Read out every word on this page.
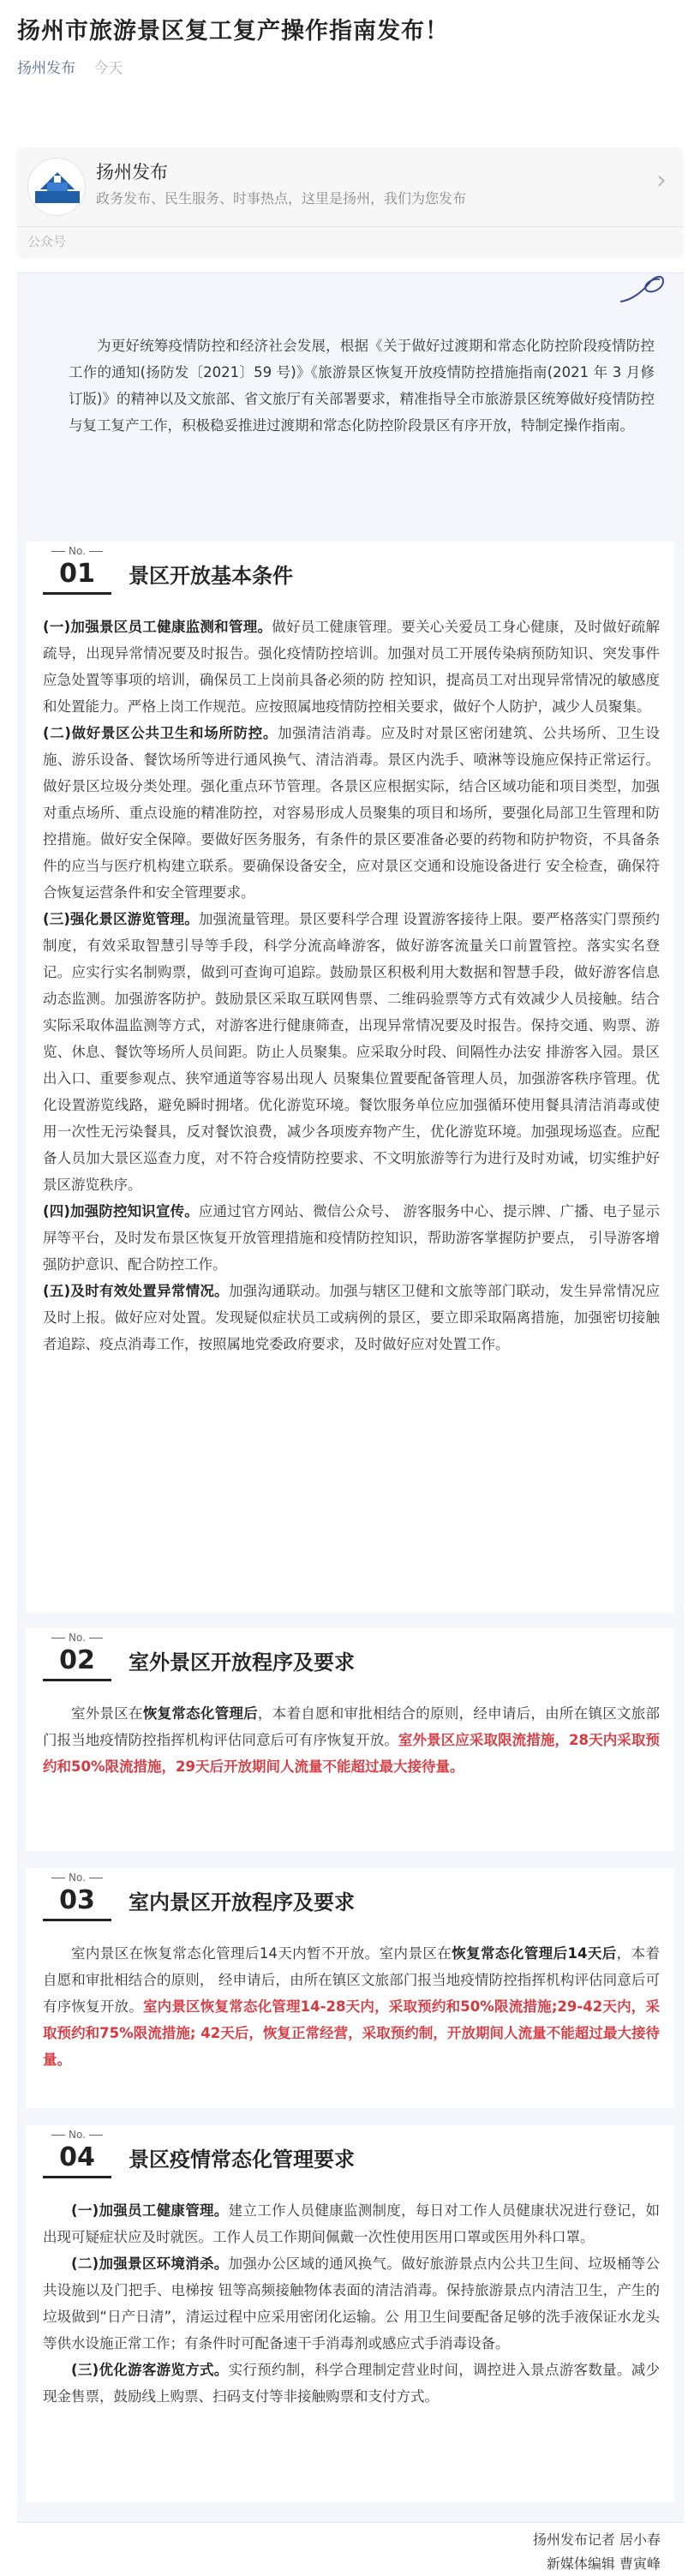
扬州市旅游景区复工复产操作指南发布！
扬州发布 今天
扬州发布
政务发布、民生服务、时事热点，这里是扬州，我们为您发布
›
公众号

为更好统筹疫情防控和经济社会发展，根据《关于做好过渡期和常态化防控阶段疫情防控工作的通知(扬防发〔2021〕59 号)》《旅游景区恢复开放疫情防控措施指南(2021 年 3 月修订版)》的精神以及文旅部、省文旅厅有关部署要求，精准指导全市旅游景区统筹做好疫情防控与复工复产工作，积极稳妥推进过渡期和常态化防控阶段景区有序开放，特制定操作指南。

No.
01	景区开放基本条件

(一)加强景区员工健康监测和管理。做好员工健康管理。要关心关爱员工身心健康，及时做好疏解疏导，出现异常情况要及时报告。强化疫情防控培训。加强对员工开展传染病预防知识、突发事件应急处置等事项的培训，确保员工上岗前具备必须的防 控知识，提高员工对出现异常情况的敏感度和处置能力。严格上岗工作规范。应按照属地疫情防控相关要求，做好个人防护，减少人员聚集。

(二)做好景区公共卫生和场所防控。加强清洁消毒。应及时对景区密闭建筑、公共场所、卫生设施、游乐设备、餐饮场所等进行通风换气、清洁消毒。景区内洗手、喷淋等设施应保持正常运行。做好景区垃圾分类处理。强化重点环节管理。各景区应根据实际，结合区域功能和项目类型，加强对重点场所、重点设施的精准防控，对容易形成人员聚集的项目和场所，要强化局部卫生管理和防控措施。做好安全保障。要做好医务服务，有条件的景区要准备必要的药物和防护物资，不具备条件的应当与医疗机构建立联系。要确保设备安全，应对景区交通和设施设备进行 安全检查，确保符合恢复运营条件和安全管理要求。

(三)强化景区游览管理。加强流量管理。景区要科学合理 设置游客接待上限。要严格落实门票预约制度，有效采取智慧引导等手段，科学分流高峰游客，做好游客流量关口前置管控。落实实名登记。应实行实名制购票，做到可查询可追踪。鼓励景区积极利用大数据和智慧手段，做好游客信息动态监测。加强游客防护。鼓励景区采取互联网售票、二维码验票等方式有效减少人员接触。结合实际采取体温监测等方式，对游客进行健康筛查，出现异常情况要及时报告。保持交通、购票、游览、休息、餐饮等场所人员间距。防止人员聚集。应采取分时段、间隔性办法安 排游客入园。景区出入口、重要参观点、狭窄通道等容易出现人 员聚集位置要配备管理人员，加强游客秩序管理。优化设置游览线路，避免瞬时拥堵。优化游览环境。餐饮服务单位应加强循环使用餐具清洁消毒或使用一次性无污染餐具，反对餐饮浪费，减少各项废弃物产生，优化游览环境。加强现场巡查。应配备人员加大景区巡查力度，对不符合疫情防控要求、不文明旅游等行为进行及时劝诫，切实维护好景区游览秩序。

(四)加强防控知识宣传。应通过官方网站、微信公众号、 游客服务中心、提示牌、广播、电子显示屏等平台，及时发布景区恢复开放管理措施和疫情防控知识，帮助游客掌握防护要点， 引导游客增强防护意识、配合防控工作。

(五)及时有效处置异常情况。加强沟通联动。加强与辖区卫健和文旅等部门联动，发生异常情况应及时上报。做好应对处置。发现疑似症状员工或病例的景区，要立即采取隔离措施，加强密切接触者追踪、疫点消毒工作，按照属地党委政府要求，及时做好应对处置工作。

No.
02	室外景区开放程序及要求

室外景区在恢复常态化管理后，本着自愿和审批相结合的原则，经申请后，由所在镇区文旅部门报当地疫情防控指挥机构评估同意后可有序恢复开放。室外景区应采取限流措施，28天内采取预约和50%限流措施，29天后开放期间人流量不能超过最大接待量。

No.
03	室内景区开放程序及要求

室内景区在恢复常态化管理后14天内暂不开放。室内景区在恢复常态化管理后14天后，本着自愿和审批相结合的原则， 经申请后，由所在镇区文旅部门报当地疫情防控指挥机构评估同意后可有序恢复开放。室内景区恢复常态化管理14-28天内，采取预约和50%限流措施;29-42天内，采取预约和75%限流措施; 42天后，恢复正常经营，采取预约制，开放期间人流量不能超过最大接待量。

No.
04	景区疫情常态化管理要求

(一)加强员工健康管理。建立工作人员健康监测制度，每日对工作人员健康状况进行登记，如出现可疑症状应及时就医。工作人员工作期间佩戴一次性使用医用口罩或医用外科口罩。

(二)加强景区环境消杀。加强办公区域的通风换气。做好旅游景点内公共卫生间、垃圾桶等公共设施以及门把手、电梯按 钮等高频接触物体表面的清洁消毒。保持旅游景点内清洁卫生，产生的垃圾做到“日产日清”，清运过程中应采用密闭化运输。公 用卫生间要配备足够的洗手液保证水龙头等供水设施正常工作；有条件时可配备速干手消毒剂或感应式手消毒设备。

(三)优化游客游览方式。实行预约制，科学合理制定营业时间，调控进入景点游客数量。减少现金售票，鼓励线上购票、扫码支付等非接触购票和支付方式。

扬州发布记者 居小春
新媒体编辑 曹寅峰
